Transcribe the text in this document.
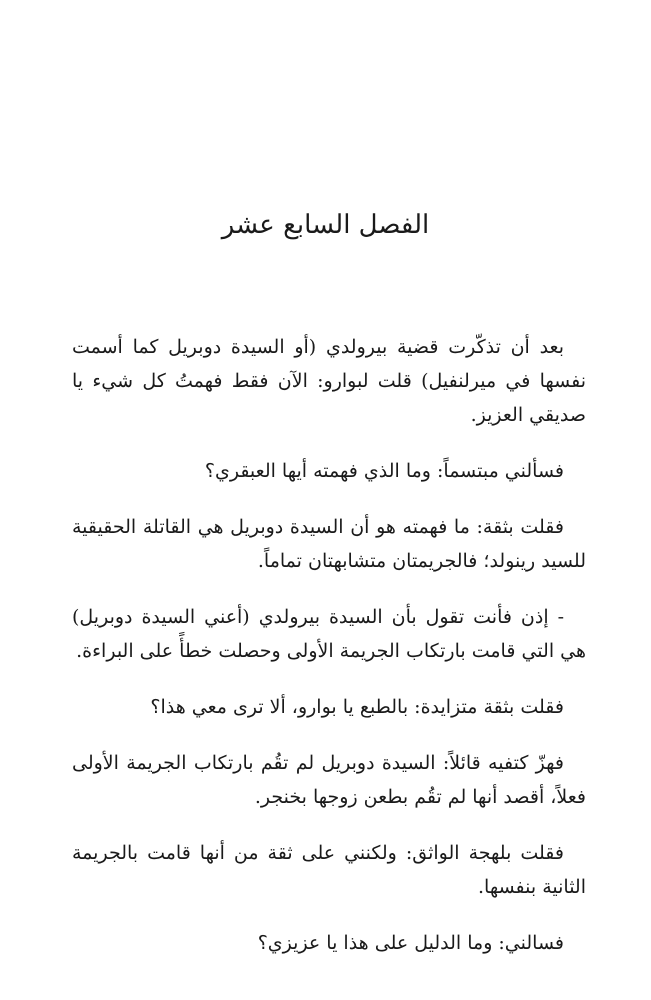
الفصل السابع عشر

بعد أن تذكّرت قضية بيرولدي (أو السيدة دوبريل كما أسمت نفسها في ميرلنفيل) قلت لبوارو: الآن فقط فهمتُ كل شيء يا صديقي العزيز.

فسألني مبتسماً: وما الذي فهمته أيها العبقري؟

فقلت بثقة: ما فهمته هو أن السيدة دوبريل هي القاتلة الحقيقية للسيد رينولد؛ فالجريمتان متشابهتان تماماً.

- إذن فأنت تقول بأن السيدة بيرولدي (أعني السيدة دوبريل) هي التي قامت بارتكاب الجريمة الأولى وحصلت خطأً على البراءة.

فقلت بثقة متزايدة: بالطبع يا بوارو، ألا ترى معي هذا؟

فهزّ كتفيه قائلاً: السيدة دوبريل لم تقُم بارتكاب الجريمة الأولى فعلاً، أقصد أنها لم تقُم بطعن زوجها بخنجر.

فقلت بلهجة الواثق: ولكنني على ثقة من أنها قامت بالجريمة الثانية بنفسها.

فسالني: وما الدليل على هذا يا عزيزي؟
